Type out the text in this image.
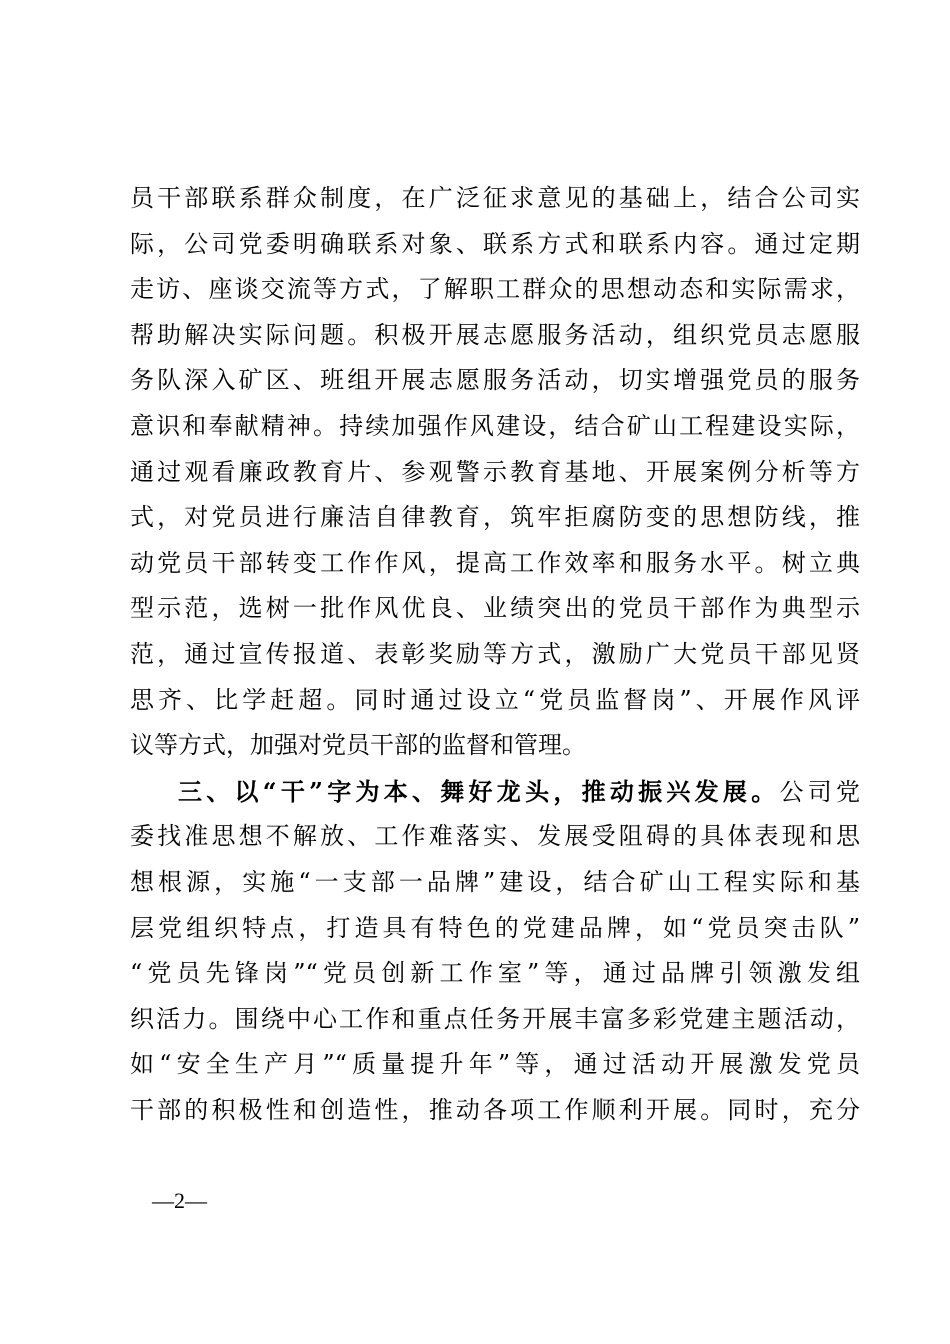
员干部联系群众制度，在广泛征求意见的基础上，结合公司实
际，公司党委明确联系对象、联系方式和联系内容。通过定期
走访、座谈交流等方式，了解职工群众的思想动态和实际需求，
帮助解决实际问题。积极开展志愿服务活动，组织党员志愿服
务队深入矿区、班组开展志愿服务活动，切实增强党员的服务
意识和奉献精神。持续加强作风建设，结合矿山工程建设实际，
通过观看廉政教育片、参观警示教育基地、开展案例分析等方
式，对党员进行廉洁自律教育，筑牢拒腐防变的思想防线，推
动党员干部转变工作作风，提高工作效率和服务水平。树立典
型示范，选树一批作风优良、业绩突出的党员干部作为典型示
范，通过宣传报道、表彰奖励等方式，激励广大党员干部见贤
思齐、比学赶超。同时通过设立“党员监督岗”、开展作风评
议等方式，加强对党员干部的监督和管理。
三、以“干”字为本、舞好龙头，推动振兴发展。公司党
委找准思想不解放、工作难落实、发展受阻碍的具体表现和思
想根源，实施“一支部一品牌”建设，结合矿山工程实际和基
层党组织特点，打造具有特色的党建品牌，如“党员突击队”
“党员先锋岗”“党员创新工作室”等，通过品牌引领激发组
织活力。围绕中心工作和重点任务开展丰富多彩党建主题活动，
如“安全生产月”“质量提升年”等，通过活动开展激发党员
干部的积极性和创造性，推动各项工作顺利开展。同时，充分
—2—
